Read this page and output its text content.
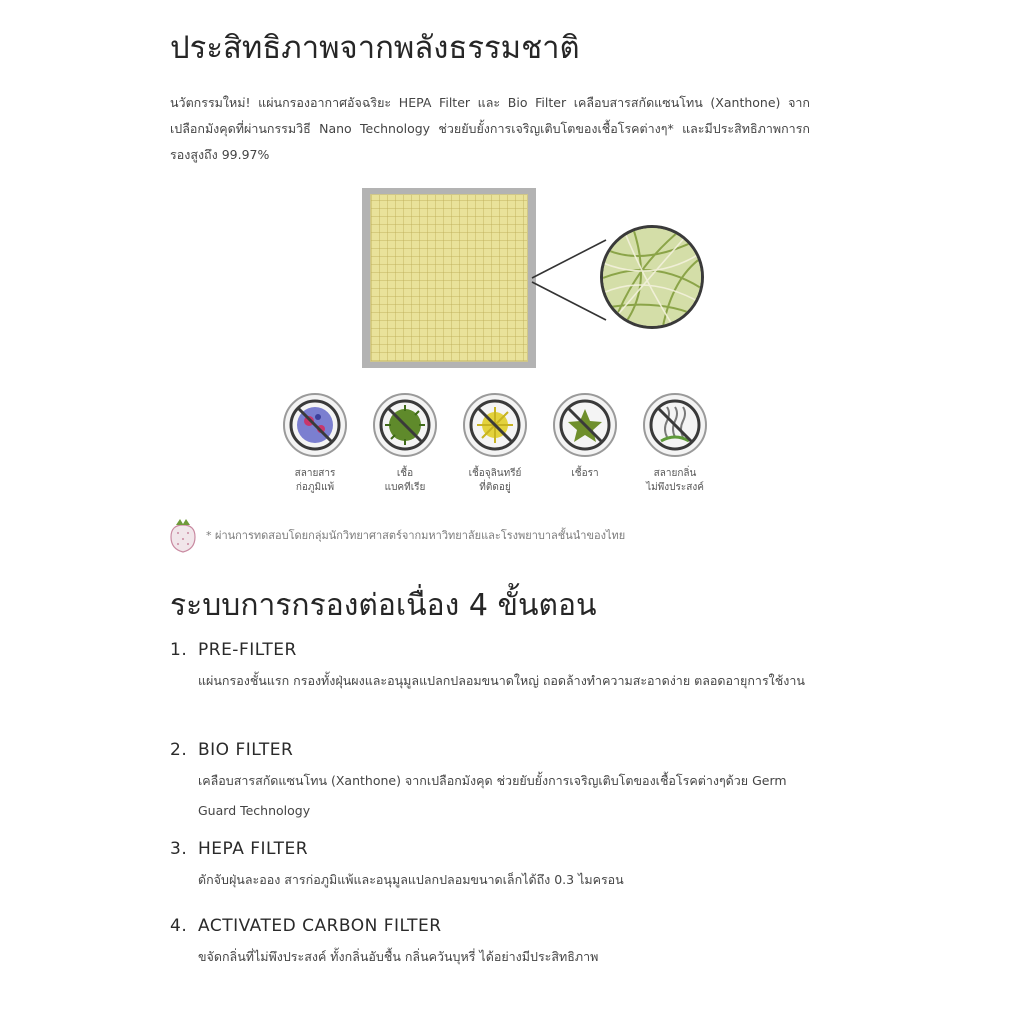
ประสิทธิภาพจากพลังธรรมชาติ

นวัตกรรมใหม่! แผ่นกรองอากาศอัจฉริยะ HEPA Filter และ Bio Filter เคลือบสารสกัดแซนโทน (Xanthone) จากเปลือกมังคุดที่ผ่านกรรมวิธี Nano Technology ช่วยยับยั้งการเจริญเติบโตของเชื้อโรคต่างๆ* และมีประสิทธิภาพการกรองสูงถึง 99.97%

สลายสาร
ก่อภูมิแพ้
เชื้อ
แบคทีเรีย
เชื้อจุลินทรีย์
ที่ติดอยู่
เชื้อรา	สลายกลิ่น
ไม่พึงประสงค์
* ผ่านการทดสอบโดยกลุ่มนักวิทยาศาสตร์จากมหาวิทยาลัยและโรงพยาบาลชั้นนำของไทย
ระบบการกรองต่อเนื่อง 4 ขั้นตอน
1. PRE-FILTER
แผ่นกรองชั้นแรก กรองทั้งฝุ่นผงและอนุมูลแปลกปลอมขนาดใหญ่ ถอดล้างทำความสะอาดง่าย ตลอดอายุการใช้งาน
2. BIO FILTER
เคลือบสารสกัดแซนโทน (Xanthone) จากเปลือกมังคุด ช่วยยับยั้งการเจริญเติบโตของเชื้อโรคต่างๆด้วย Germ Guard Technology
3. HEPA FILTER
ดักจับฝุ่นละออง สารก่อภูมิแพ้และอนุมูลแปลกปลอมขนาดเล็กได้ถึง 0.3 ไมครอน
4. ACTIVATED CARBON FILTER
ขจัดกลิ่นที่ไม่พึงประสงค์ ทั้งกลิ่นอับชื้น กลิ่นควันบุหรี่ ได้อย่างมีประสิทธิภาพ
